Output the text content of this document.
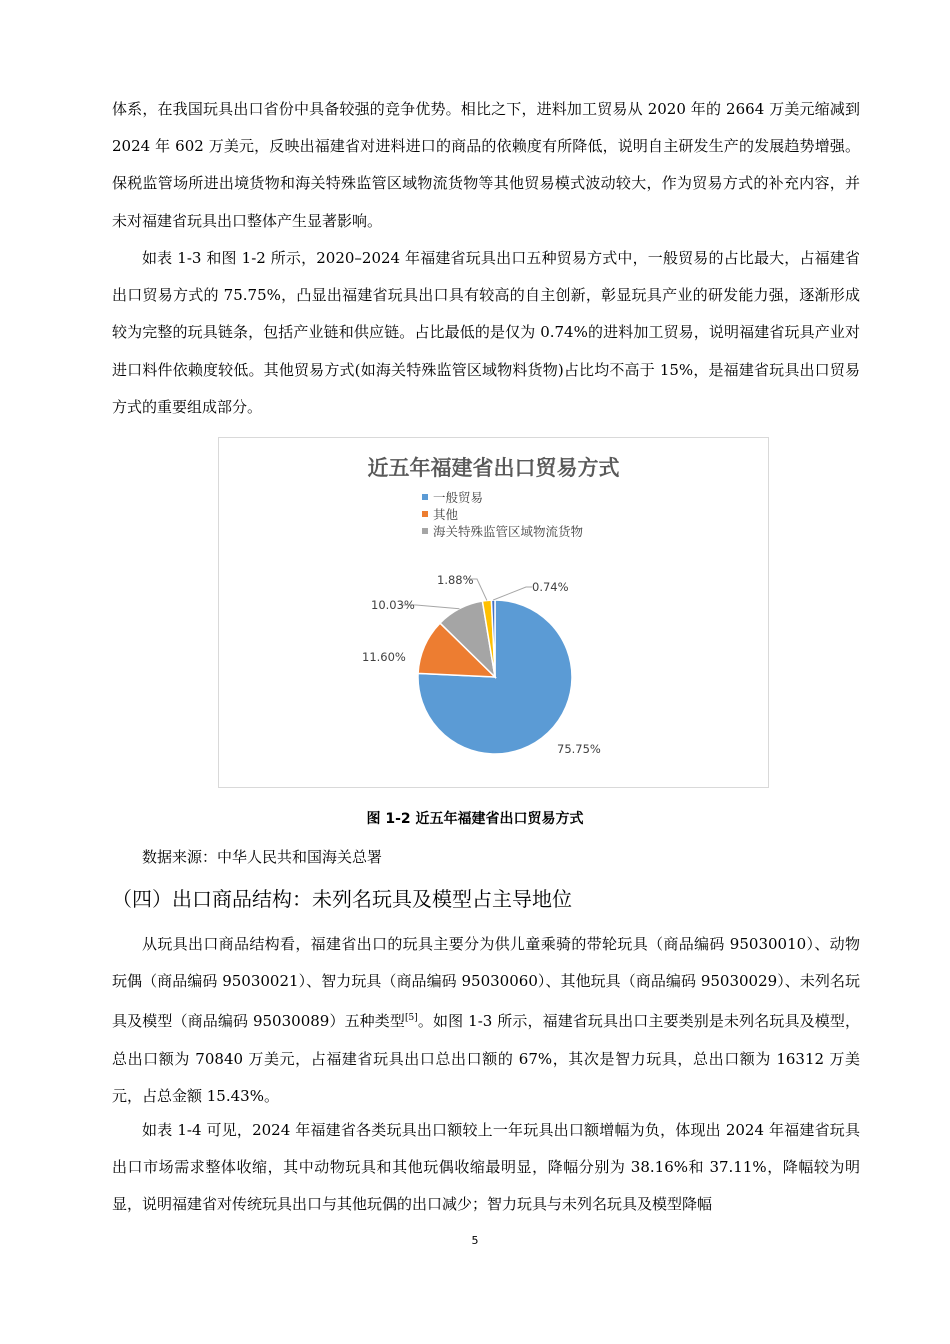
体系，在我国玩具出口省份中具备较强的竞争优势。相比之下，进料加工贸易从 2020 年的 2664 万美元缩减到 2024 年 602 万美元，反映出福建省对进料进口的商品的依赖度有所降低，说明自主研发生产的发展趋势增强。保税监管场所进出境货物和海关特殊监管区域物流货物等其他贸易模式波动较大，作为贸易方式的补充内容，并未对福建省玩具出口整体产生显著影响。

如表 1-3 和图 1-2 所示，2020–2024 年福建省玩具出口五种贸易方式中，一般贸易的占比最大，占福建省出口贸易方式的 75.75%，凸显出福建省玩具出口具有较高的自主创新，彰显玩具产业的研发能力强，逐渐形成较为完整的玩具链条，包括产业链和供应链。占比最低的是仅为 0.74%的进料加工贸易，说明福建省玩具产业对进口料件依赖度较低。其他贸易方式(如海关特殊监管区域物料货物)占比均不高于 15%，是福建省玩具出口贸易方式的重要组成部分。

近五年福建省出口贸易方式
一般贸易
其他
海关特殊监管区域物流货物
75.75%
11.60%
10.03%
1.88%	0.74%
图 1-2 近五年福建省出口贸易方式
数据来源：中华人民共和国海关总署
（四）出口商品结构：未列名玩具及模型占主导地位

从玩具出口商品结构看，福建省出口的玩具主要分为供儿童乘骑的带轮玩具（商品编码 95030010）、动物玩偶（商品编码 95030021）、智力玩具（商品编码 95030060）、其他玩具（商品编码 95030029）、未列名玩具及模型（商品编码 95030089）五种类型[5]。如图 1-3 所示，福建省玩具出口主要类别是未列名玩具及模型，总出口额为 70840 万美元，占福建省玩具出口总出口额的 67%，其次是智力玩具，总出口额为 16312 万美元，占总金额 15.43%。

如表 1-4 可见，2024 年福建省各类玩具出口额较上一年玩具出口额增幅为负，体现出 2024 年福建省玩具出口市场需求整体收缩，其中动物玩具和其他玩偶收缩最明显，降幅分别为 38.16%和 37.11%，降幅较为明显，说明福建省对传统玩具出口与其他玩偶的出口减少；智力玩具与未列名玩具及模型降幅

5
